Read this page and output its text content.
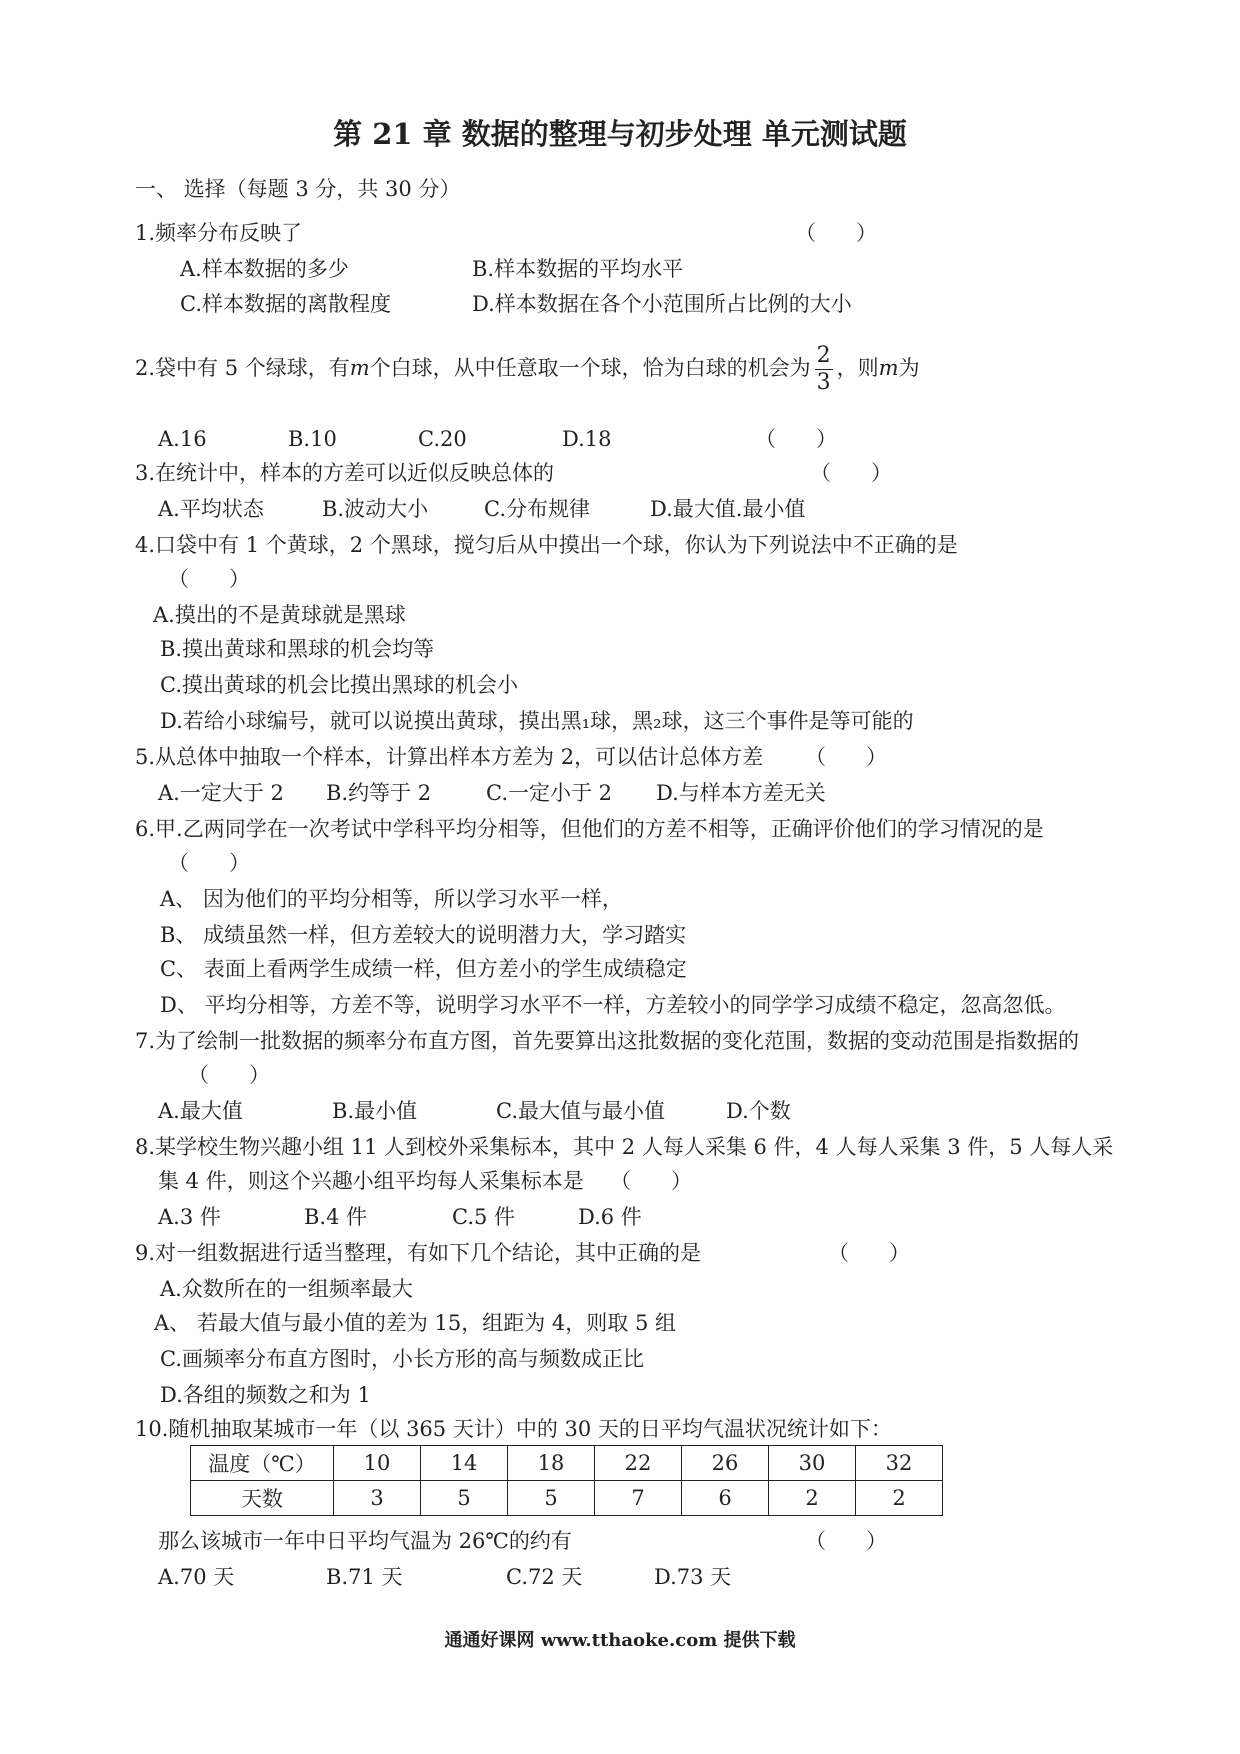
第 21 章 数据的整理与初步处理 单元测试题
一、 选择（每题 3 分，共 30 分）
1.频率分布反映了	（      ）
A.样本数据的多少	B.样本数据的平均水平
C.样本数据的离散程度	D.样本数据在各个小范围所占比例的大小
2.袋中有 5 个绿球，有m个白球，从中任意取一个球，恰为白球的机会为 $\frac{2}{3}$ ，则m为
A.16	B.10	C.20	D.18	（      ）
3.在统计中，样本的方差可以近似反映总体的	（      ）
A.平均状态	B.波动大小	C.分布规律	D.最大值.最小值
4.口袋中有 1 个黄球，2 个黑球，搅匀后从中摸出一个球，你认为下列说法中不正确的是
（      ）
A.摸出的不是黄球就是黑球
B.摸出黄球和黑球的机会均等
C.摸出黄球的机会比摸出黑球的机会小
D.若给小球编号，就可以说摸出黄球，摸出黑₁球，黑₂球，这三个事件是等可能的
5.从总体中抽取一个样本，计算出样本方差为 2，可以估计总体方差 （      ）
A.一定大于 2 B.约等于 2	C.一定小于 2 D.与样本方差无关
6.甲.乙两同学在一次考试中学科平均分相等，但他们的方差不相等，正确评价他们的学习情况的是
（      ）
A、 因为他们的平均分相等，所以学习水平一样，
B、 成绩虽然一样，但方差较大的说明潜力大，学习踏实
C、 表面上看两学生成绩一样，但方差小的学生成绩稳定
D、 平均分相等，方差不等，说明学习水平不一样，方差较小的同学学习成绩不稳定，忽高忽低。
7.为了绘制一批数据的频率分布直方图，首先要算出这批数据的变化范围，数据的变动范围是指数据的
（      ）
A.最大值	B.最小值	C.最大值与最小值	D.个数
8.某学校生物兴趣小组 11 人到校外采集标本，其中 2 人每人采集 6 件，4 人每人采集 3 件，5 人每人采
集 4 件，则这个兴趣小组平均每人采集标本是 （      ）
A.3 件	B.4 件	C.5 件	D.6 件
9.对一组数据进行适当整理，有如下几个结论，其中正确的是	（      ）
A.众数所在的一组频率最大
A、 若最大值与最小值的差为 15，组距为 4，则取 5 组
C.画频率分布直方图时，小长方形的高与频数成正比
D.各组的频数之和为 1
10.随机抽取某城市一年（以 365 天计）中的 30 天的日平均气温状况统计如下：
温度（℃）	10	14	18	22	26	30	32
天数	3	5	5	7	6	2	2
那么该城市一年中日平均气温为 26℃的约有	（      ）
A.70 天	B.71 天	C.72 天	D.73 天
通通好课网 www.tthaoke.com 提供下载
